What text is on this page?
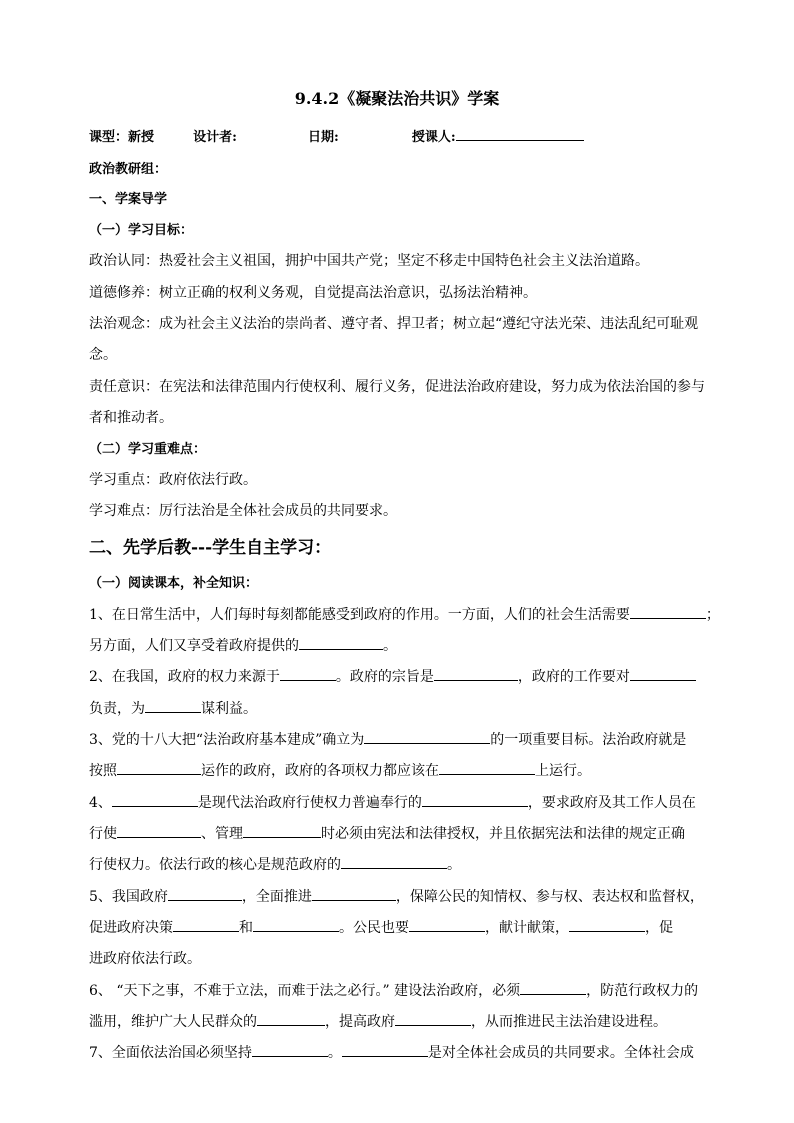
9.4.2《凝聚法治共识》学案
课型：新授	设计者:	日期:	授课人:
政治教研组：
一、学案导学
（一）学习目标：
政治认同：热爱社会主义祖国，拥护中国共产党；坚定不移走中国特色社会主义法治道路。
道德修养：树立正确的权利义务观，自觉提高法治意识，弘扬法治精神。
法治观念：成为社会主义法治的崇尚者、遵守者、捍卫者；树立起“遵纪守法光荣、违法乱纪可耻观
念。
责任意识：在宪法和法律范围内行使权利、履行义务，促进法治政府建设，努力成为依法治国的参与
者和推动者。
（二）学习重难点：
学习重点：政府依法行政。
学习难点：厉行法治是全体社会成员的共同要求。
二、先学后教---学生自主学习：
（一）阅读课本，补全知识：
1、在日常生活中，人们每时每刻都能感受到政府的作用。一方面，人们的社会生活需要	；
另方面，人们又享受着政府提供的	。
2、在我国，政府的权力来源于	。政府的宗旨是	，政府的工作要对
负责，为	谋利益。
3、党的十八大把“法治政府基本建成”确立为	的一项重要目标。法治政府就是
按照	运作的政府，政府的各项权力都应该在	上运行。
4、	是现代法治政府行使权力普遍奉行的	，要求政府及其工作人员在
行使	、管理	时必须由宪法和法律授权，并且依据宪法和法律的规定正确
行使权力。依法行政的核心是规范政府的	。
5、我国政府	，全面推进	，保障公民的知情权、参与权、表达权和监督权，
促进政府决策	和	。公民也要	，献计献策，	，促
进政府依法行政。
6、 “天下之事，不难于立法，而难于法之必行。” 建设法治政府，必须	，防范行政权力的
滥用，维护广大人民群众的	，提高政府	，从而推进民主法治建设进程。
7、全面依法治国必须坚持	。	是对全体社会成员的共同要求。全体社会成
